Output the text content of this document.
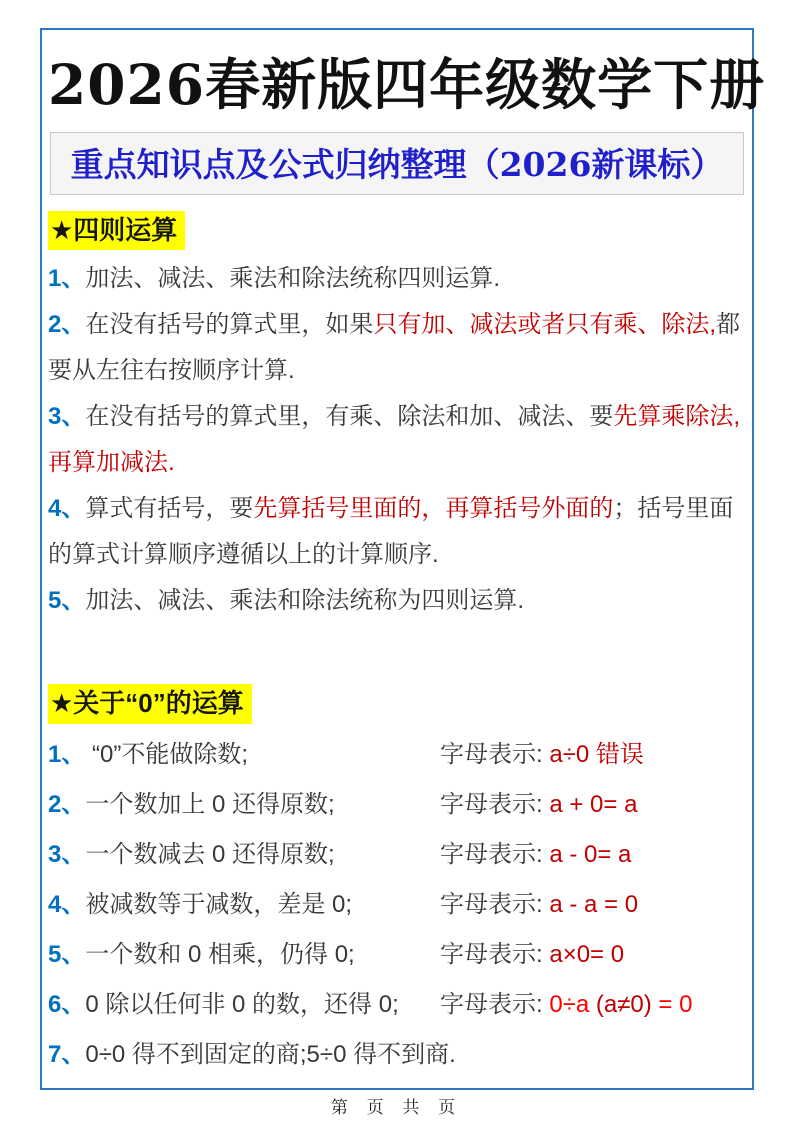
2026春新版四年级数学下册
重点知识点及公式归纳整理（2026新课标）
★四则运算
1、加法、减法、乘法和除法统称四则运算.
2、在没有括号的算式里，如果只有加、减法或者只有乘、除法,都要从左往右按顺序计算.
3、在没有括号的算式里，有乘、除法和加、减法、要先算乘除法,再算加减法.
4、算式有括号，要先算括号里面的，再算括号外面的；括号里面的算式计算顺序遵循以上的计算顺序.
5、加法、减法、乘法和除法统称为四则运算.
★关于“0”的运算
1、 “0”不能做除数;	字母表示: a÷0 错误
2、一个数加上 0 还得原数;	字母表示: a + 0= a
3、一个数减去 0 还得原数;	字母表示: a - 0= a
4、被减数等于减数，差是 0;	字母表示: a - a = 0
5、一个数和 0 相乘，仍得 0;	字母表示: a×0= 0
6、0 除以任何非 0 的数，还得 0;	字母表示: 0÷a (a≠0) = 0
7、0÷0 得不到固定的商;5÷0 得不到商.
第 页 共 页
